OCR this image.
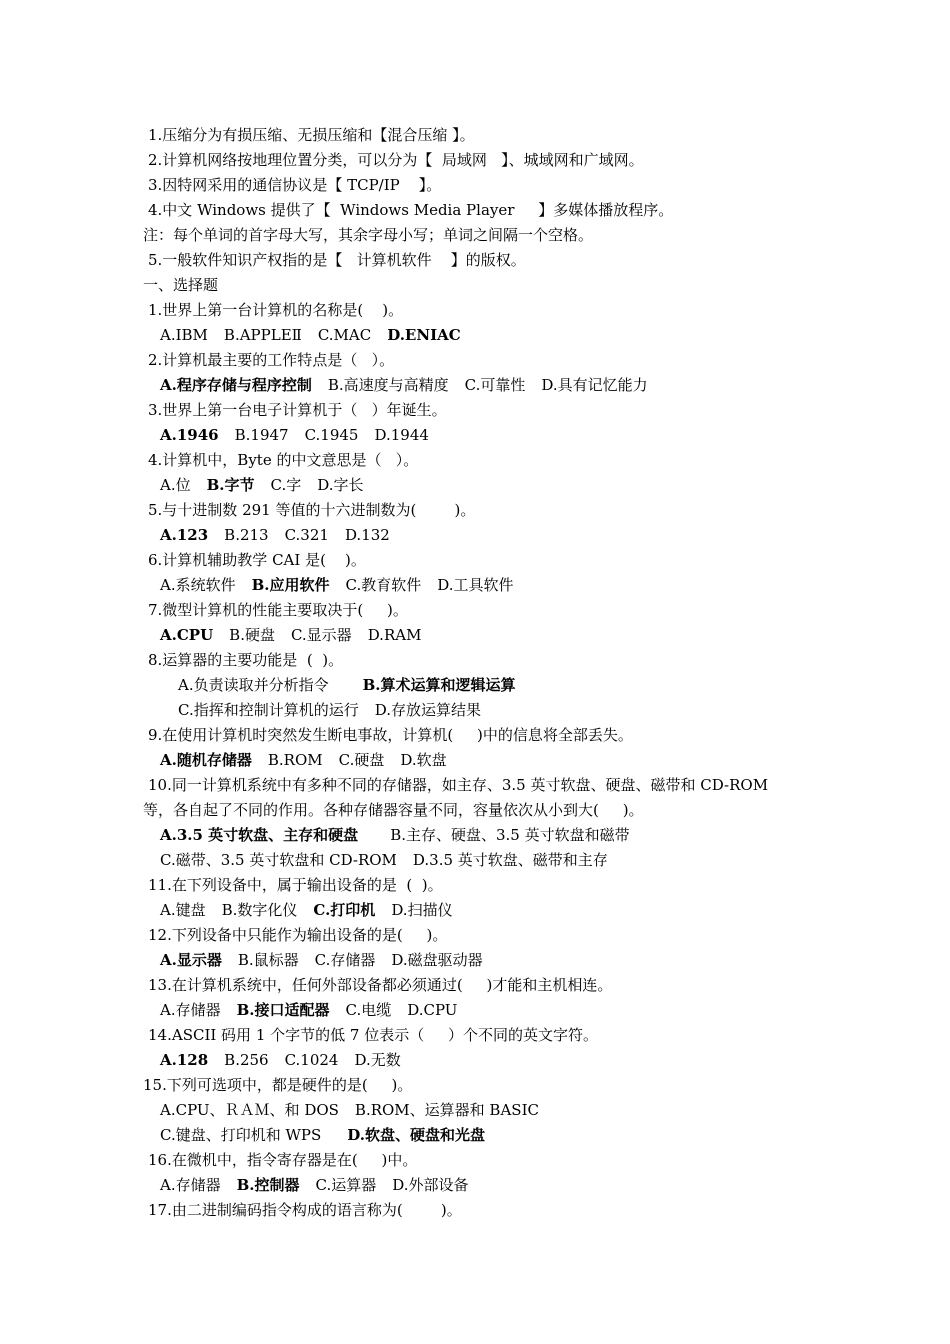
1.压缩分为有损压缩、无损压缩和【混合压缩 】。

2.计算机网络按地理位置分类，可以分为【  局域网   】、城域网和广域网。

3.因特网采用的通信协议是【 TCP/IP    】。

4.中文 Windows 提供了【  Windows Media Player     】多媒体播放程序。

注：每个单词的首字母大写，其余字母小写；单词之间隔一个空格。

5.一般软件知识产权指的是【   计算机软件    】的版权。

一、选择题

1.世界上第一台计算机的名称是(    )。

A.IBM B.APPLEⅡ C.MAC D.ENIAC

2.计算机最主要的工作特点是（   ）。

A.程序存储与程序控制 B.高速度与高精度 C.可靠性 D.具有记忆能力

3.世界上第一台电子计算机于（   ）年诞生。

A.1946 B.1947 C.1945 D.1944

4.计算机中，Byte 的中文意思是（   ）。

A.位 B.字节 C.字 D.字长

5.与十进制数 291 等值的十六进制数为(        )。

A.123 B.213 C.321 D.132

6.计算机辅助教学 CAI 是(    )。

A.系统软件 B.应用软件 C.教育软件 D.工具软件

7.微型计算机的性能主要取决于(     )。

A.CPU B.硬盘 C.显示器 D.RAM

8.运算器的主要功能是  (  )。

A.负责读取并分析指令 B.算术运算和逻辑运算

C.指挥和控制计算机的运行 D.存放运算结果

9.在使用计算机时突然发生断电事故，计算机(     )中的信息将全部丢失。

A.随机存储器 B.ROM C.硬盘 D.软盘

10.同一计算机系统中有多种不同的存储器，如主存、3.5 英寸软盘、硬盘、磁带和 CD-ROM

等，各自起了不同的作用。各种存储器容量不同，容量依次从小到大(     )。

A.3.5 英寸软盘、主存和硬盘 B.主存、硬盘、3.5 英寸软盘和磁带

C.磁带、3.5 英寸软盘和 CD-ROM D.3.5 英寸软盘、磁带和主存

11.在下列设备中，属于输出设备的是  (  )。

A.键盘 B.数字化仪 C.打印机 D.扫描仪

12.下列设备中只能作为输出设备的是(     )。

A.显示器 B.鼠标器 C.存储器 D.磁盘驱动器

13.在计算机系统中，任何外部设备都必须通过(     )才能和主机相连。

A.存储器 B.接口适配器 C.电缆 D.CPU

14.ASCII 码用 1 个字节的低 7 位表示（     ）个不同的英文字符。

A.128 B.256 C.1024 D.无数

15.下列可选项中，都是硬件的是(     )。

A.CPU、ＲＡＭ、和 DOS B.ROM、运算器和 BASIC

C.键盘、打印机和 WPS D.软盘、硬盘和光盘

16.在微机中，指令寄存器是在(     )中。

A.存储器 B.控制器 C.运算器 D.外部设备

17.由二进制编码指令构成的语言称为(        )。
